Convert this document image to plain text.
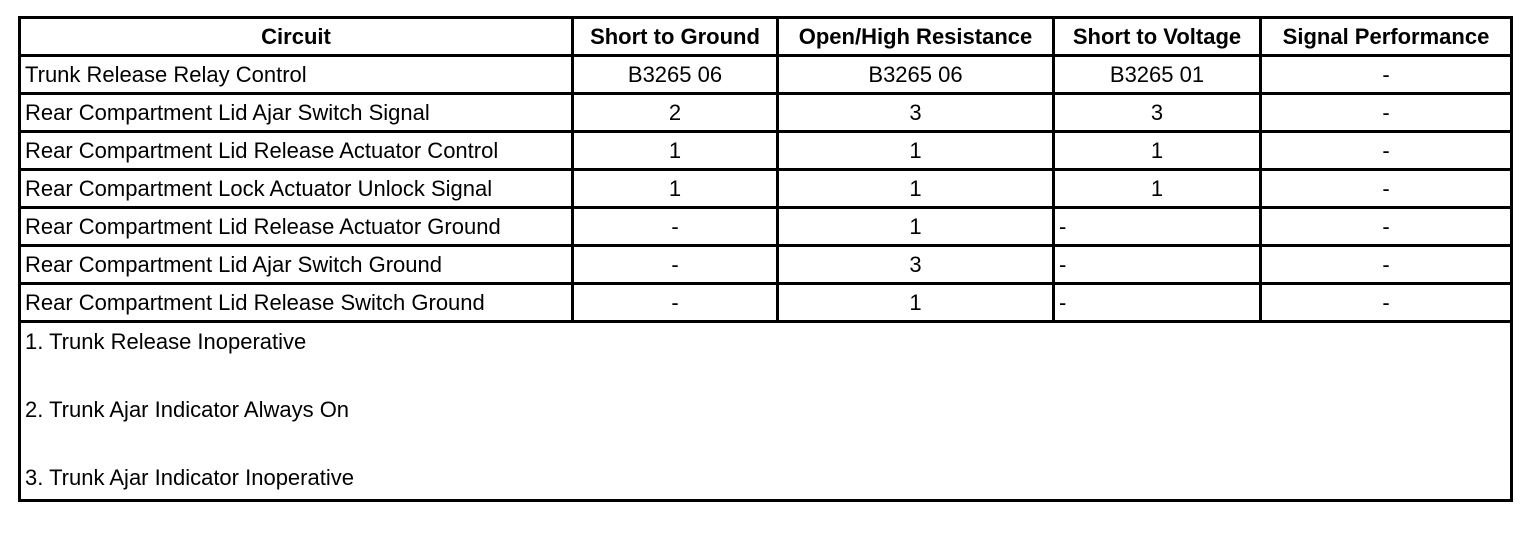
Circuit	Short to Ground	Open/High Resistance	Short to Voltage	Signal Performance
Trunk Release Relay Control	B3265 06	B3265 06	B3265 01	-
Rear Compartment Lid Ajar Switch Signal	2	3	3	-
Rear Compartment Lid Release Actuator Control	1	1	1	-
Rear Compartment Lock Actuator Unlock Signal	1	1	1	-
Rear Compartment Lid Release Actuator Ground	-	1	-	-
Rear Compartment Lid Ajar Switch Ground	-	3	-	-
Rear Compartment Lid Release Switch Ground	-	1	-	-

1. Trunk Release Inoperative
2. Trunk Ajar Indicator Always On
3. Trunk Ajar Indicator Inoperative				
